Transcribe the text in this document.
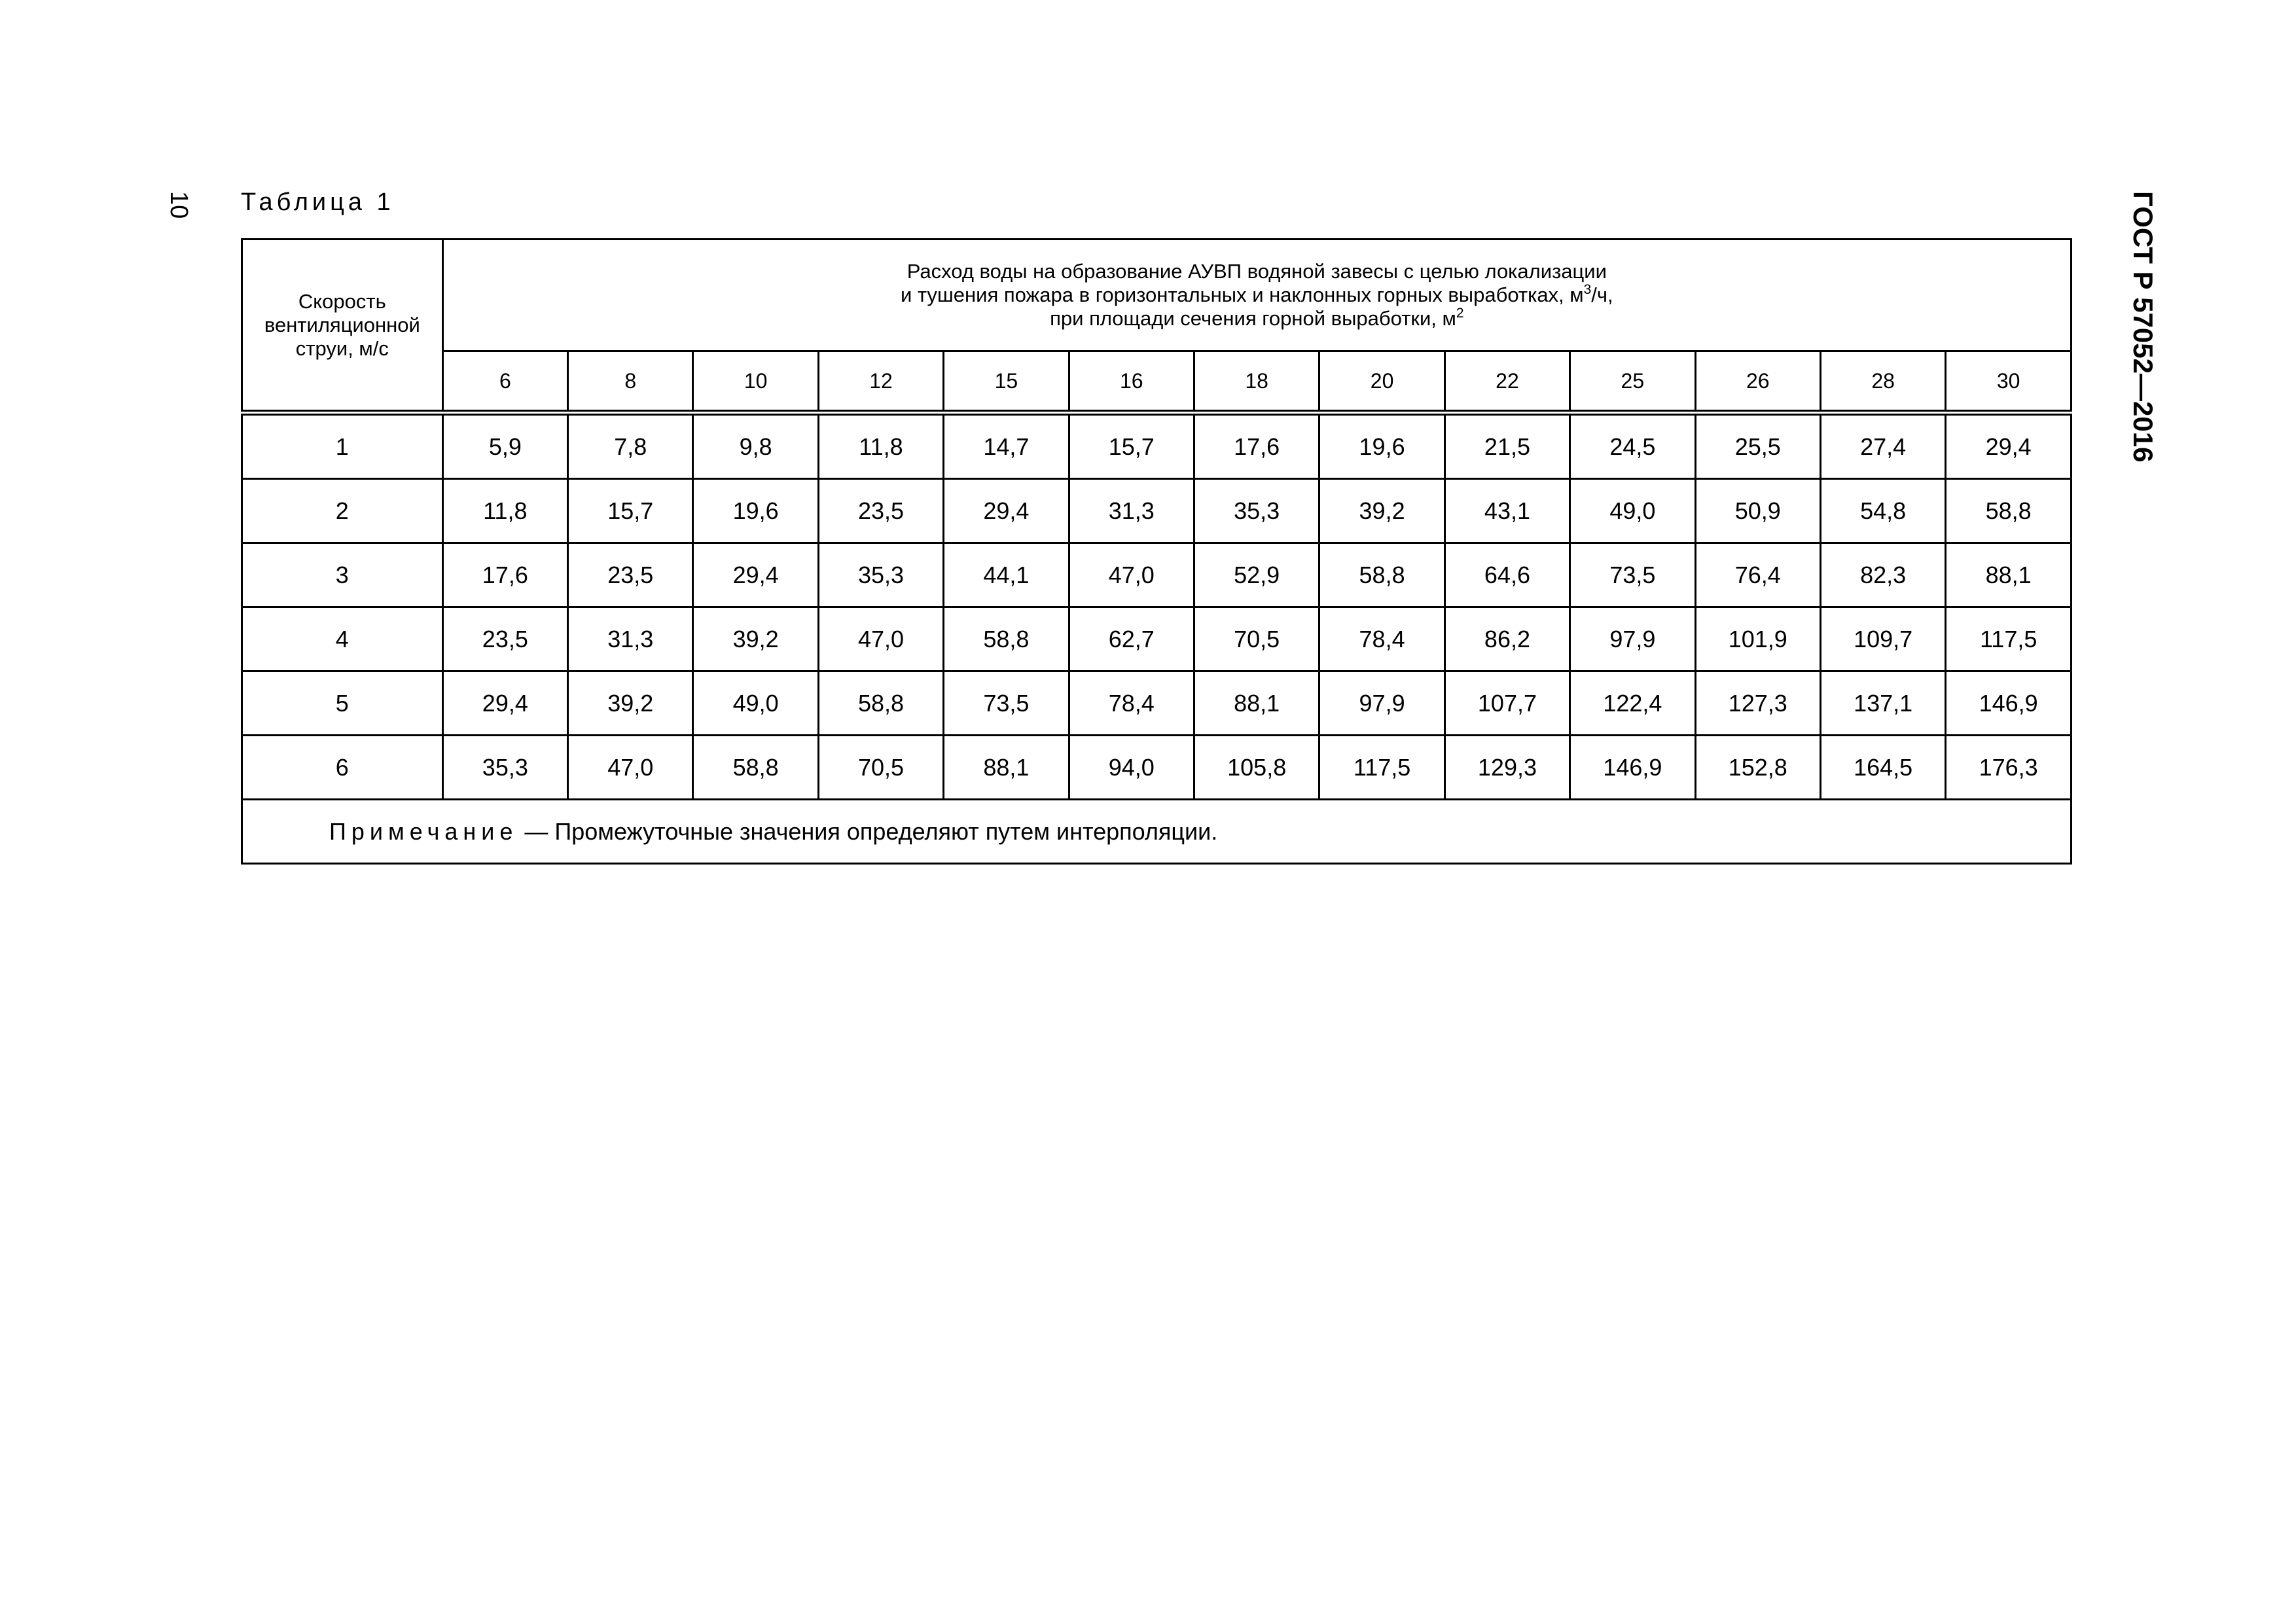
10	ГОСТ Р 57052—2016
Таблица 1
Скорость вентиляционной струи, м/с	Расход воды на образование АУВП водяной завесы с целью локализации
и тушения пожара в горизонтальных и наклонных горных выработках, $м^3/ч$,
при площади сечения горной выработки, $м^2$

	6	8	10	12	15	16	18	20	22	25	26	28	30
1	5,9	7,8	9,8	11,8	14,7	15,7	17,6	19,6	21,5	24,5	25,5	27,4	29,4
2	11,8	15,7	19,6	23,5	29,4	31,3	35,3	39,2	43,1	49,0	50,9	54,8	58,8
3	17,6	23,5	29,4	35,3	44,1	47,0	52,9	58,8	64,6	73,5	76,4	82,3	88,1
4	23,5	31,3	39,2	47,0	58,8	62,7	70,5	78,4	86,2	97,9	101,9	109,7	117,5
5	29,4	39,2	49,0	58,8	73,5	78,4	88,1	97,9	107,7	122,4	127,3	137,1	146,9
6	35,3	47,0	58,8	70,5	88,1	94,0	105,8	117,5	129,3	146,9	152,8	164,5	176,3
Примечание — Промежуточные значения определяют путем интерполяции.													
